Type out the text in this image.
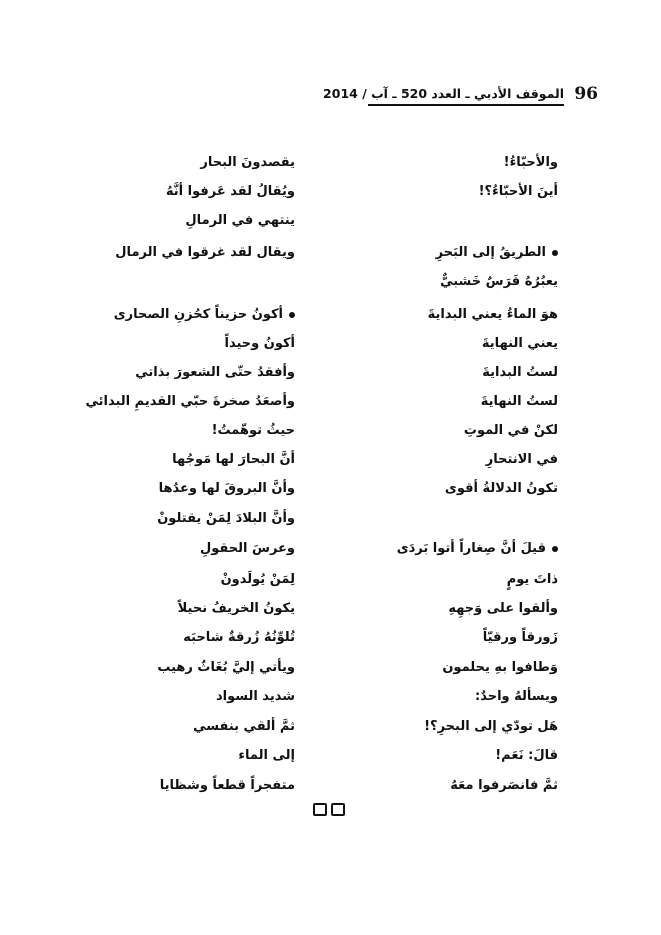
96
الموقف الأدبي ـ العدد 520 ـ آب / 2014
والأحبّاءُ!
أينَ الأحبّاءُ؟!
الطريقُ إلى البَحرِ
يعبُرُهُ فَرَسٌ خَشبيٌّ
هوَ الماءُ يعني البدايةَ
يعني النهايةَ
لستُ البدايةَ
لستُ النهايةَ
لكنْ في الموتِ
في الانتحارِ
تكونُ الدلالةُ أقوى
قيلَ أنَّ صِغاراً أتوا بَردَى
ذاتَ يومٍ
وألقوا على وَجهِهِ
زَورقاً ورقيّاً
وَطافوا بهِ يحلمون
ويسألهُ واحدٌ:
هَل تودّي إلى البحرِ؟!
قالَ: نَعَم!
ثمَّ فانصَرفوا معَهُ
يقصدونَ البحار
ويُقالُ لقد عَرفوا أنَّهُ
ينتهي في الرمالِ
ويقال لقد غرقوا في الرمال
أكونُ حزيناً كحُزنِ الصحارى
أكونُ وحيداً
وأفقدُ حتّى الشعورَ بذاتي
وأصعَدُ صخرةَ حبّي القديمِ البدائي
حيثُ توهّمتُ!
أنَّ البحارَ لها مَوجُها
وأنَّ البروقَ لها وعدُها
وأنَّ البلادَ لِمَنْ يقتلونْ
وعرسَ الحقولِ
لِمَنْ يُولَدونْ
يكونُ الخريفُ نحيلاً
تُلوِّنُهُ زُرقةٌ شاحبَه
ويأتي إليَّ بُغَاثٌ رهيب
شديد السواد
ثمَّ ألقي بنفسي
إلى الماء
متفجراً قطعاً وشظايا
